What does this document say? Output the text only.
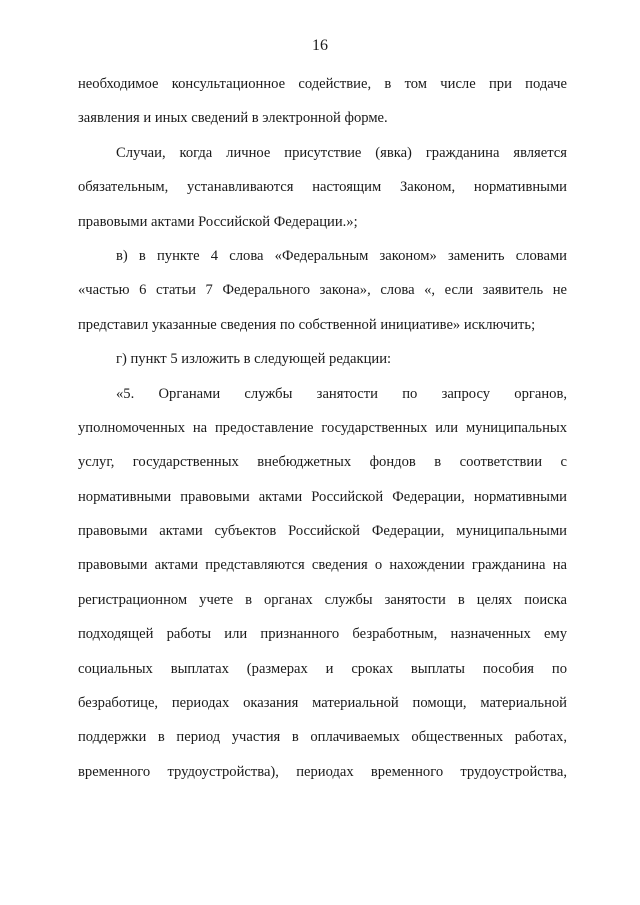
16
необходимое консультационное содействие, в том числе при подаче
заявления и иных сведений в электронной форме.
Случаи, когда личное присутствие (явка) гражданина является
обязательным, устанавливаются настоящим Законом, нормативными
правовыми актами Российской Федерации.»;
в) в пункте 4 слова «Федеральным законом» заменить словами
«частью 6 статьи 7 Федерального закона», слова «, если заявитель не
представил указанные сведения по собственной инициативе» исключить;
г) пункт 5 изложить в следующей редакции:
«5. Органами службы занятости по запросу органов,
уполномоченных на предоставление государственных или муниципальных
услуг, государственных внебюджетных фондов в соответствии с
нормативными правовыми актами Российской Федерации, нормативными
правовыми актами субъектов Российской Федерации, муниципальными
правовыми актами представляются сведения о нахождении гражданина на
регистрационном учете в органах службы занятости в целях поиска
подходящей работы или признанного безработным, назначенных ему
социальных выплатах (размерах и сроках выплаты пособия по
безработице, периодах оказания материальной помощи, материальной
поддержки в период участия в оплачиваемых общественных работах,
временного трудоустройства), периодах временного трудоустройства,
